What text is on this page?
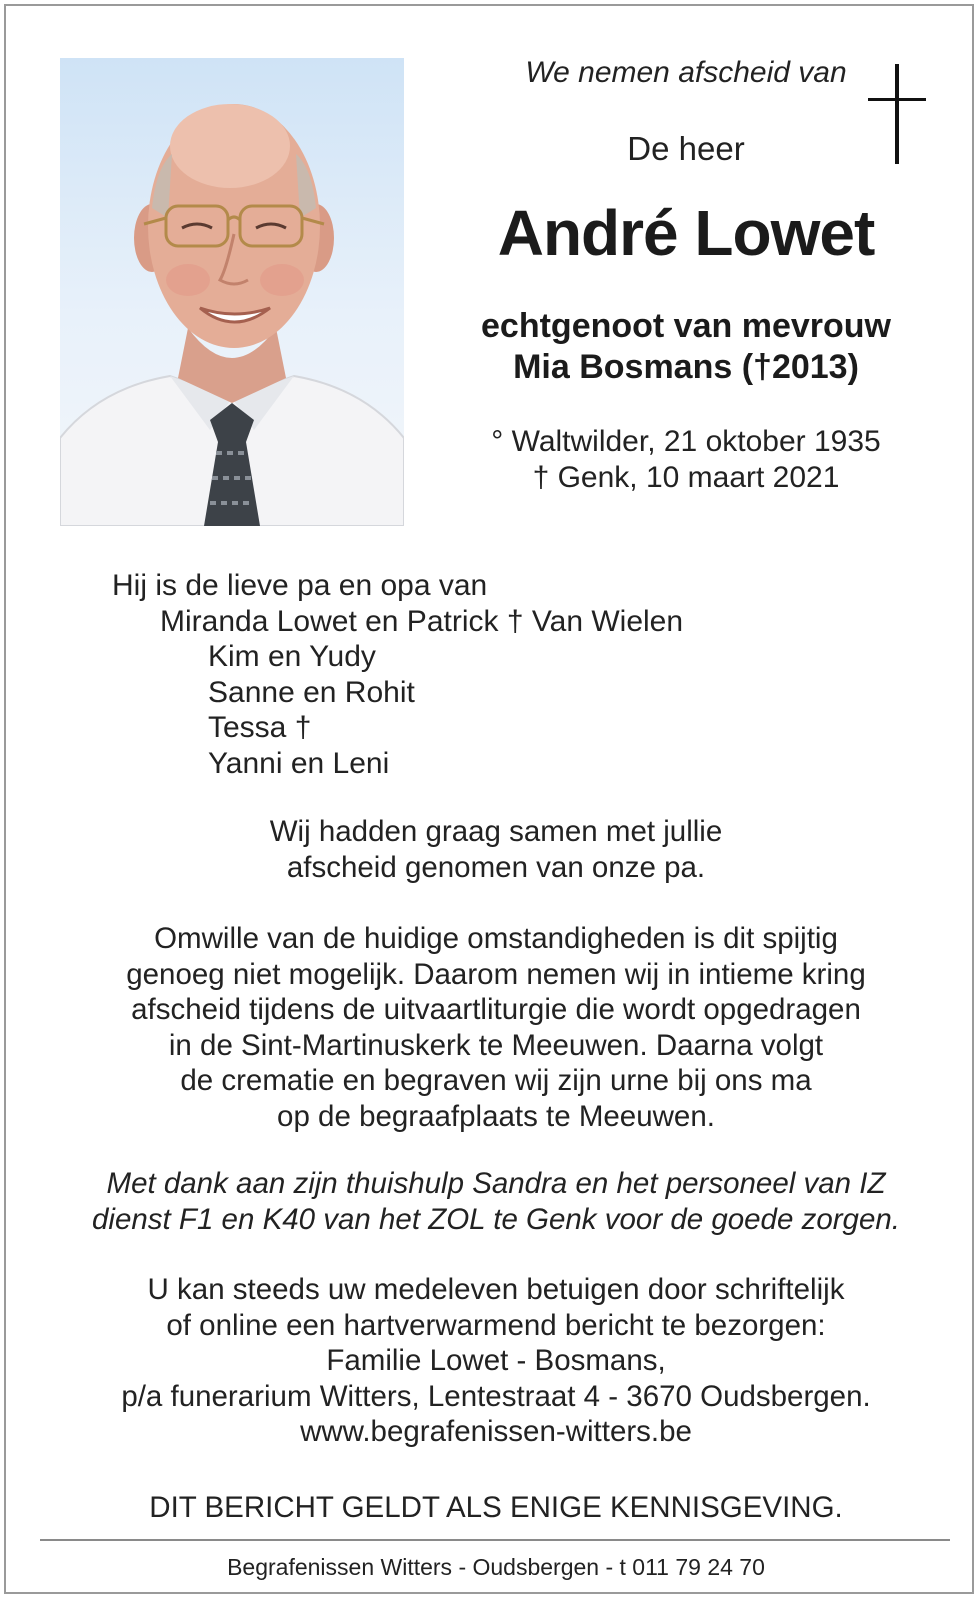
We nemen afscheid van
De heer
André Lowet
echtgenoot van mevrouw
Mia Bosmans (†2013)
° Waltwilder, 21 oktober 1935
† Genk, 10 maart 2021
Hij is de lieve pa en opa van
Miranda Lowet en Patrick † Van Wielen
Kim en Yudy
Sanne en Rohit
Tessa †
Yanni en Leni
Wij hadden graag samen met jullie
afscheid genomen van onze pa.
Omwille van de huidige omstandigheden is dit spijtig
genoeg niet mogelijk. Daarom nemen wij in intieme kring
afscheid tijdens de uitvaartliturgie die wordt opgedragen
in de Sint-Martinuskerk te Meeuwen. Daarna volgt
de crematie en begraven wij zijn urne bij ons ma
op de begraafplaats te Meeuwen.
Met dank aan zijn thuishulp Sandra en het personeel van IZ
dienst F1 en K40 van het ZOL te Genk voor de goede zorgen.
U kan steeds uw medeleven betuigen door schriftelijk
of online een hartverwarmend bericht te bezorgen:
Familie Lowet - Bosmans,
p/a funerarium Witters, Lentestraat 4 - 3670 Oudsbergen.
www.begrafenissen-witters.be
DIT BERICHT GELDT ALS ENIGE KENNISGEVING.
Begrafenissen Witters - Oudsbergen - t 011 79 24 70
